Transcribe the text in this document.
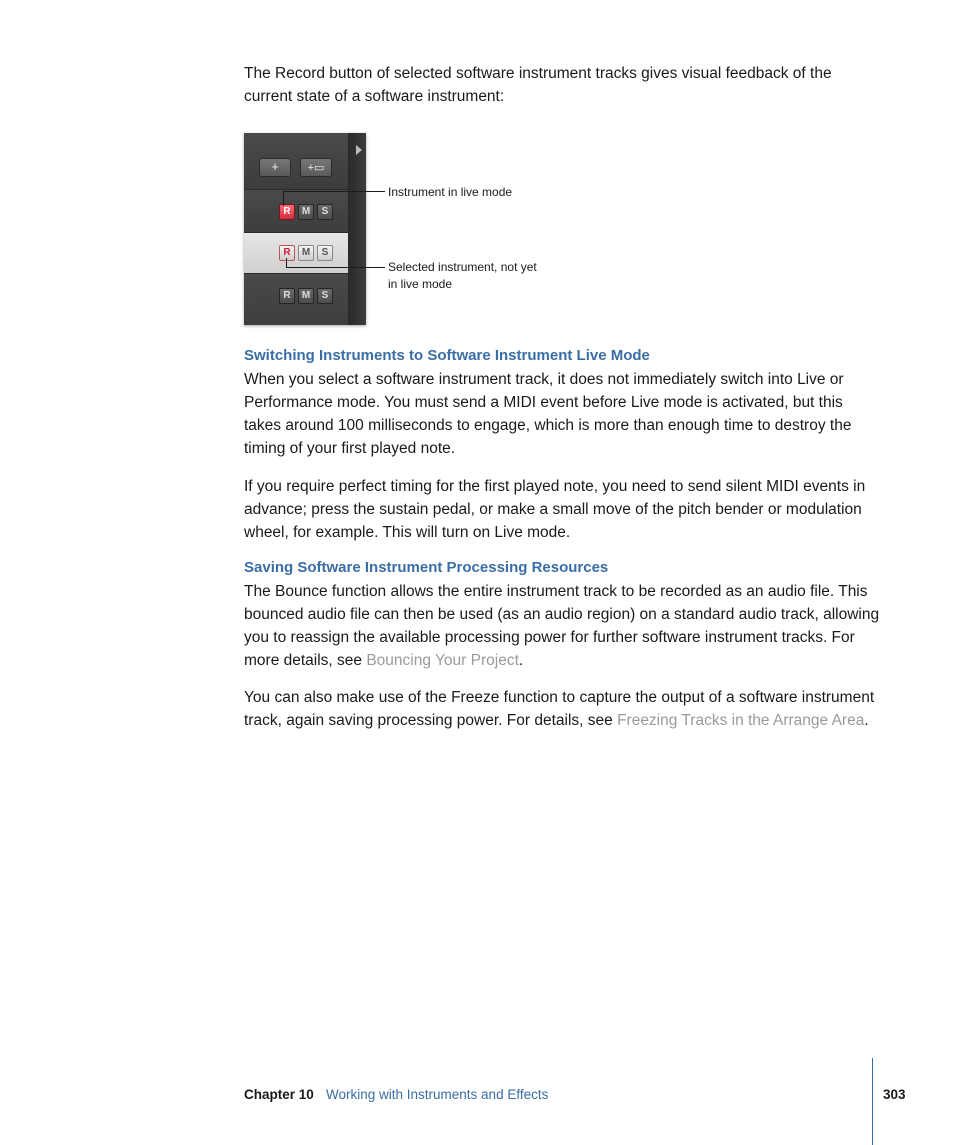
The Record button of selected software instrument tracks gives visual feedback of the current state of a software instrument:

+	+▭
R	M	S
R	M	S
R	M	S
Instrument in live mode
Selected instrument, not yet in live mode
Switching Instruments to Software Instrument Live Mode

When you select a software instrument track, it does not immediately switch into Live or Performance mode. You must send a MIDI event before Live mode is activated, but this takes around 100 milliseconds to engage, which is more than enough time to destroy the timing of your first played note.

If you require perfect timing for the first played note, you need to send silent MIDI events in advance; press the sustain pedal, or make a small move of the pitch bender or modulation wheel, for example. This will turn on Live mode.

Saving Software Instrument Processing Resources

The Bounce function allows the entire instrument track to be recorded as an audio file. This bounced audio file can then be used (as an audio region) on a standard audio track, allowing you to reassign the available processing power for further software instrument tracks. For more details, see Bouncing Your Project.

You can also make use of the Freeze function to capture the output of a software instrument track, again saving processing power. For details, see Freezing Tracks in the Arrange Area.

Chapter 10 Working with Instruments and Effects	303
